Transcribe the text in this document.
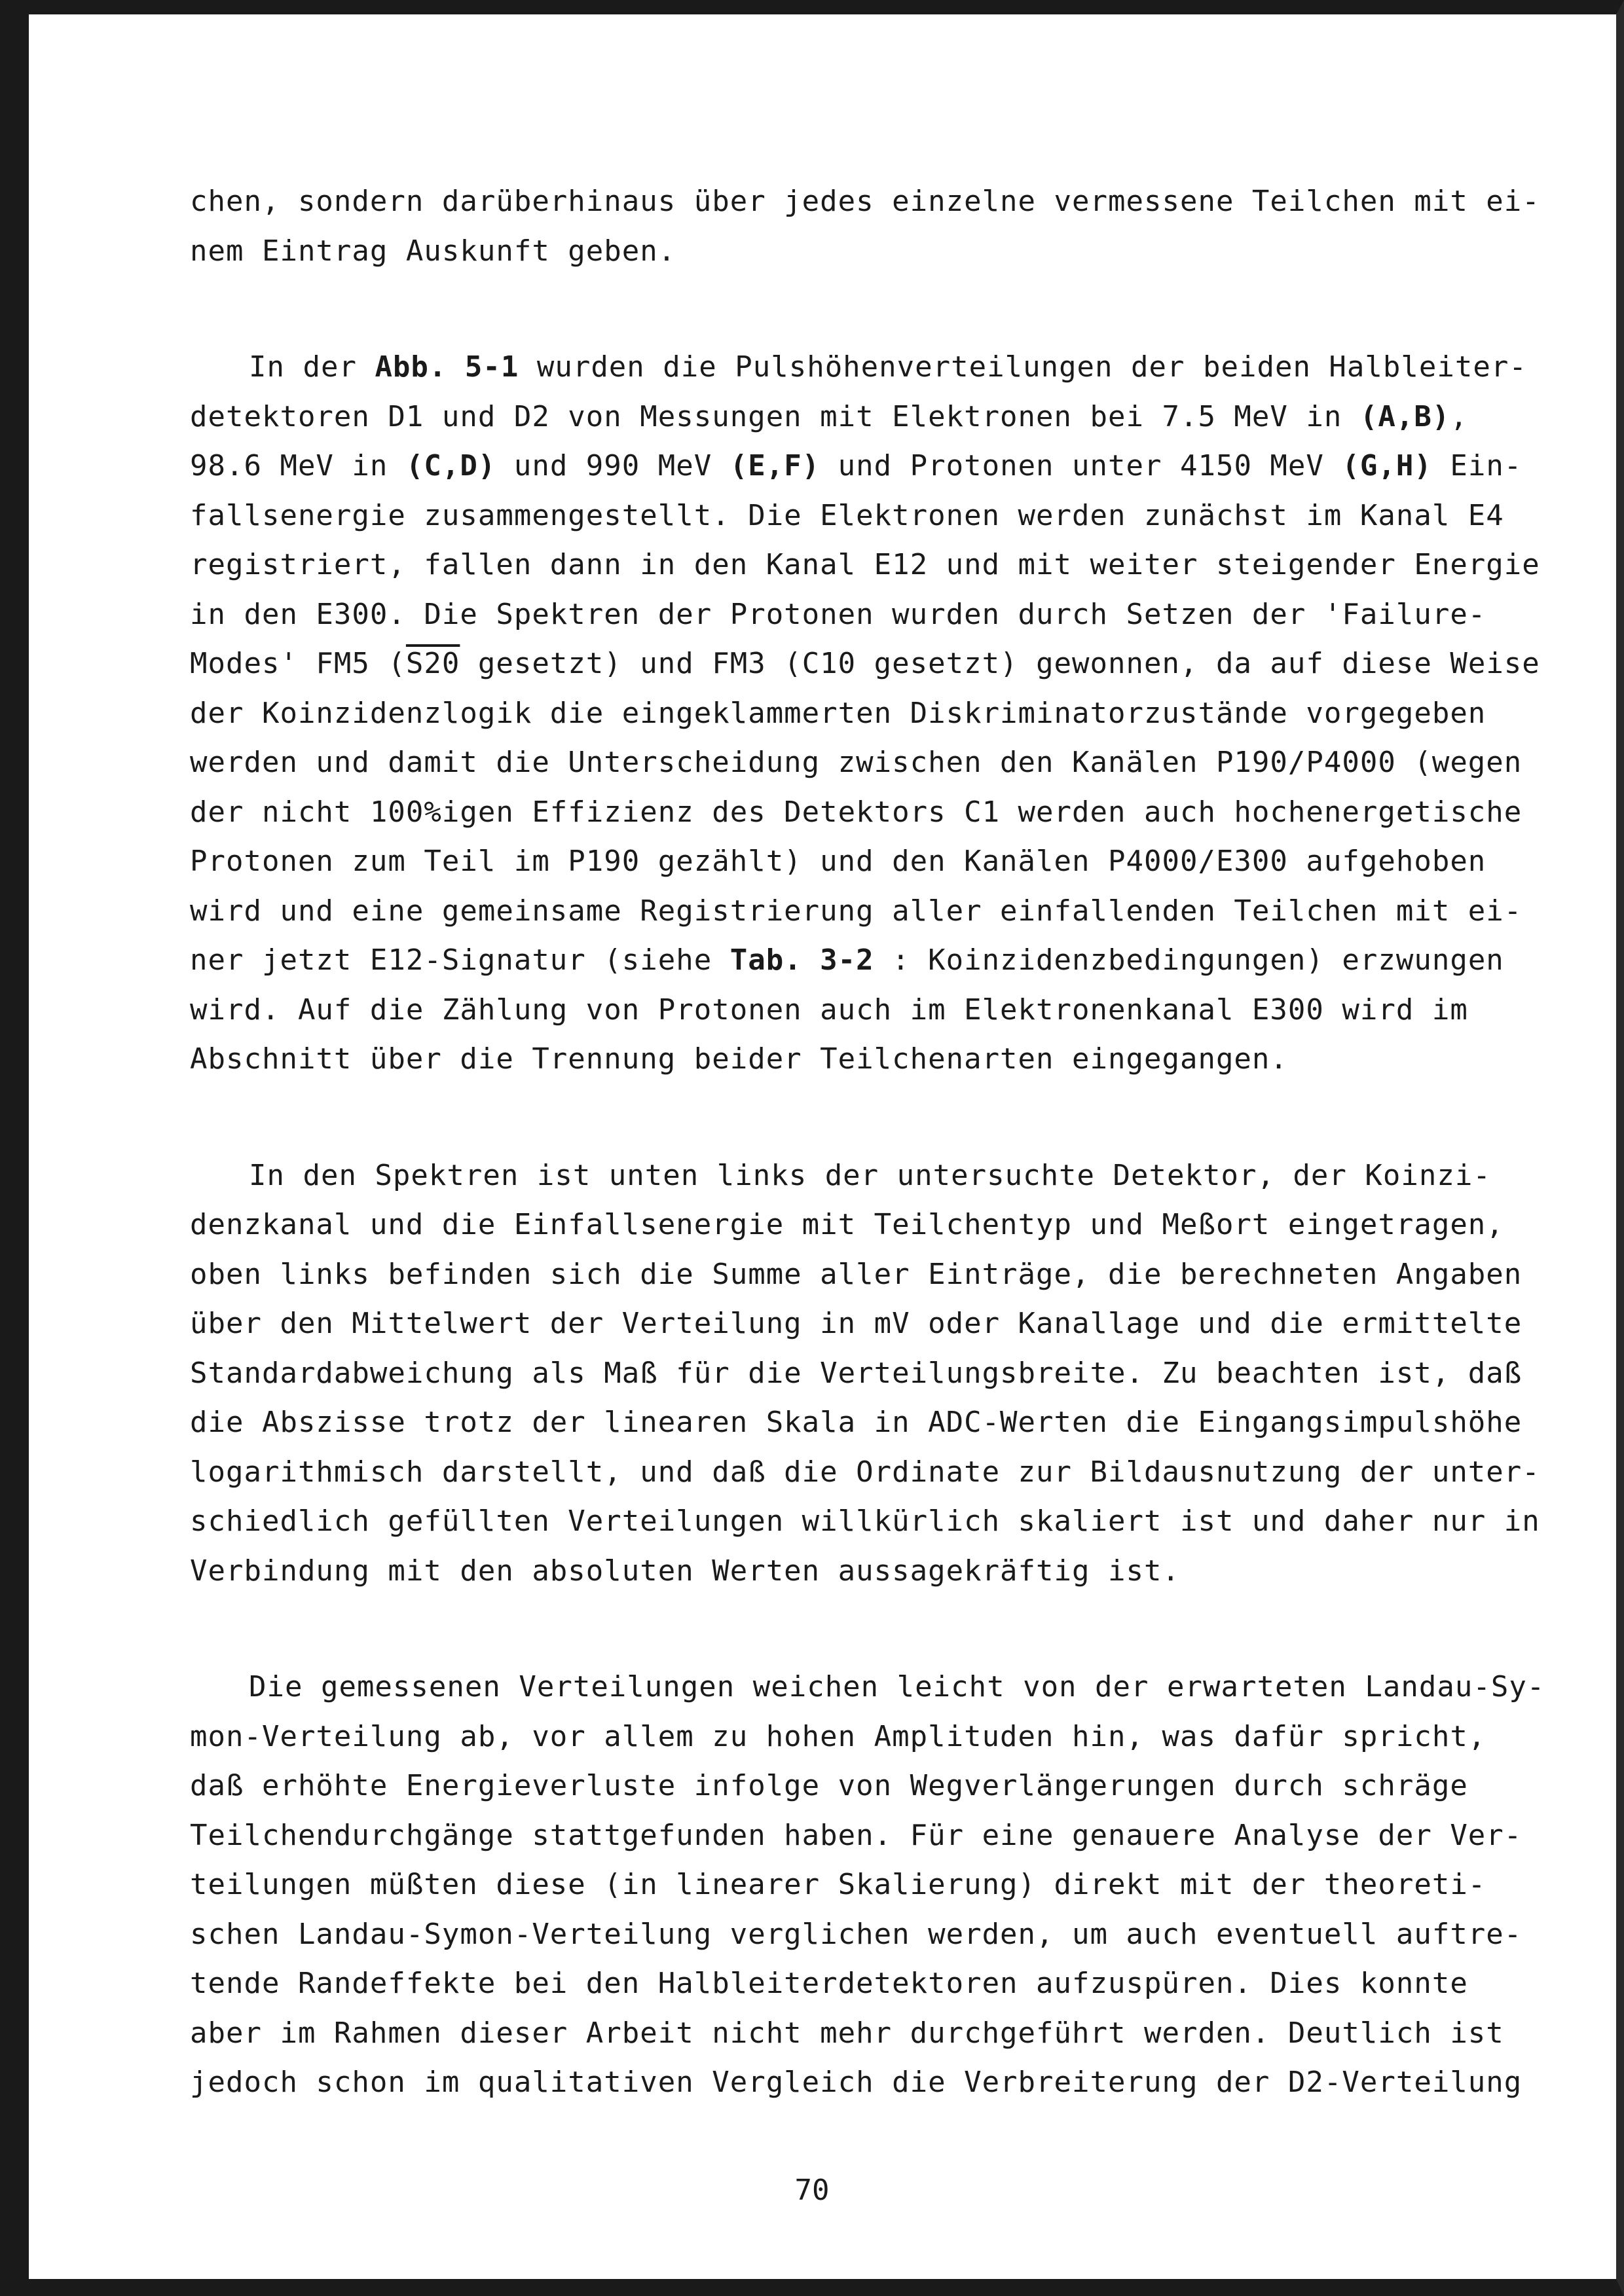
chen, sondern darüberhinaus über jedes einzelne vermessene Teilchen mit ei-
nem Eintrag Auskunft geben.

In der Abb. 5-1 wurden die Pulshöhenverteilungen der beiden Halbleiter-
detektoren D1 und D2 von Messungen mit Elektronen bei 7.5 MeV in (A,B),
98.6 MeV in (C,D) und 990 MeV (E,F) und Protonen unter 4150 MeV (G,H) Ein-
fallsenergie zusammengestellt. Die Elektronen werden zunächst im Kanal E4
registriert, fallen dann in den Kanal E12 und mit weiter steigender Energie
in den E300. Die Spektren der Protonen wurden durch Setzen der 'Failure-
Modes' FM5 (S20 gesetzt) und FM3 (C10 gesetzt) gewonnen, da auf diese Weise
der Koinzidenzlogik die eingeklammerten Diskriminatorzustände vorgegeben
werden und damit die Unterscheidung zwischen den Kanälen P190/P4000 (wegen
der nicht 100%igen Effizienz des Detektors C1 werden auch hochenergetische
Protonen zum Teil im P190 gezählt) und den Kanälen P4000/E300 aufgehoben
wird und eine gemeinsame Registrierung aller einfallenden Teilchen mit ei-
ner jetzt E12-Signatur (siehe Tab. 3-2 : Koinzidenzbedingungen) erzwungen
wird. Auf die Zählung von Protonen auch im Elektronenkanal E300 wird im
Abschnitt über die Trennung beider Teilchenarten eingegangen.

In den Spektren ist unten links der untersuchte Detektor, der Koinzi-
denzkanal und die Einfallsenergie mit Teilchentyp und Meßort eingetragen,
oben links befinden sich die Summe aller Einträge, die berechneten Angaben
über den Mittelwert der Verteilung in mV oder Kanallage und die ermittelte
Standardabweichung als Maß für die Verteilungsbreite. Zu beachten ist, daß
die Abszisse trotz der linearen Skala in ADC-Werten die Eingangsimpulshöhe
logarithmisch darstellt, und daß die Ordinate zur Bildausnutzung der unter-
schiedlich gefüllten Verteilungen willkürlich skaliert ist und daher nur in
Verbindung mit den absoluten Werten aussagekräftig ist.

Die gemessenen Verteilungen weichen leicht von der erwarteten Landau-Sy-
mon-Verteilung ab, vor allem zu hohen Amplituden hin, was dafür spricht,
daß erhöhte Energieverluste infolge von Wegverlängerungen durch schräge
Teilchendurchgänge stattgefunden haben. Für eine genauere Analyse der Ver-
teilungen müßten diese (in linearer Skalierung) direkt mit der theoreti-
schen Landau-Symon-Verteilung verglichen werden, um auch eventuell auftre-
tende Randeffekte bei den Halbleiterdetektoren aufzuspüren. Dies konnte
aber im Rahmen dieser Arbeit nicht mehr durchgeführt werden. Deutlich ist
jedoch schon im qualitativen Vergleich die Verbreiterung der D2-Verteilung

70
